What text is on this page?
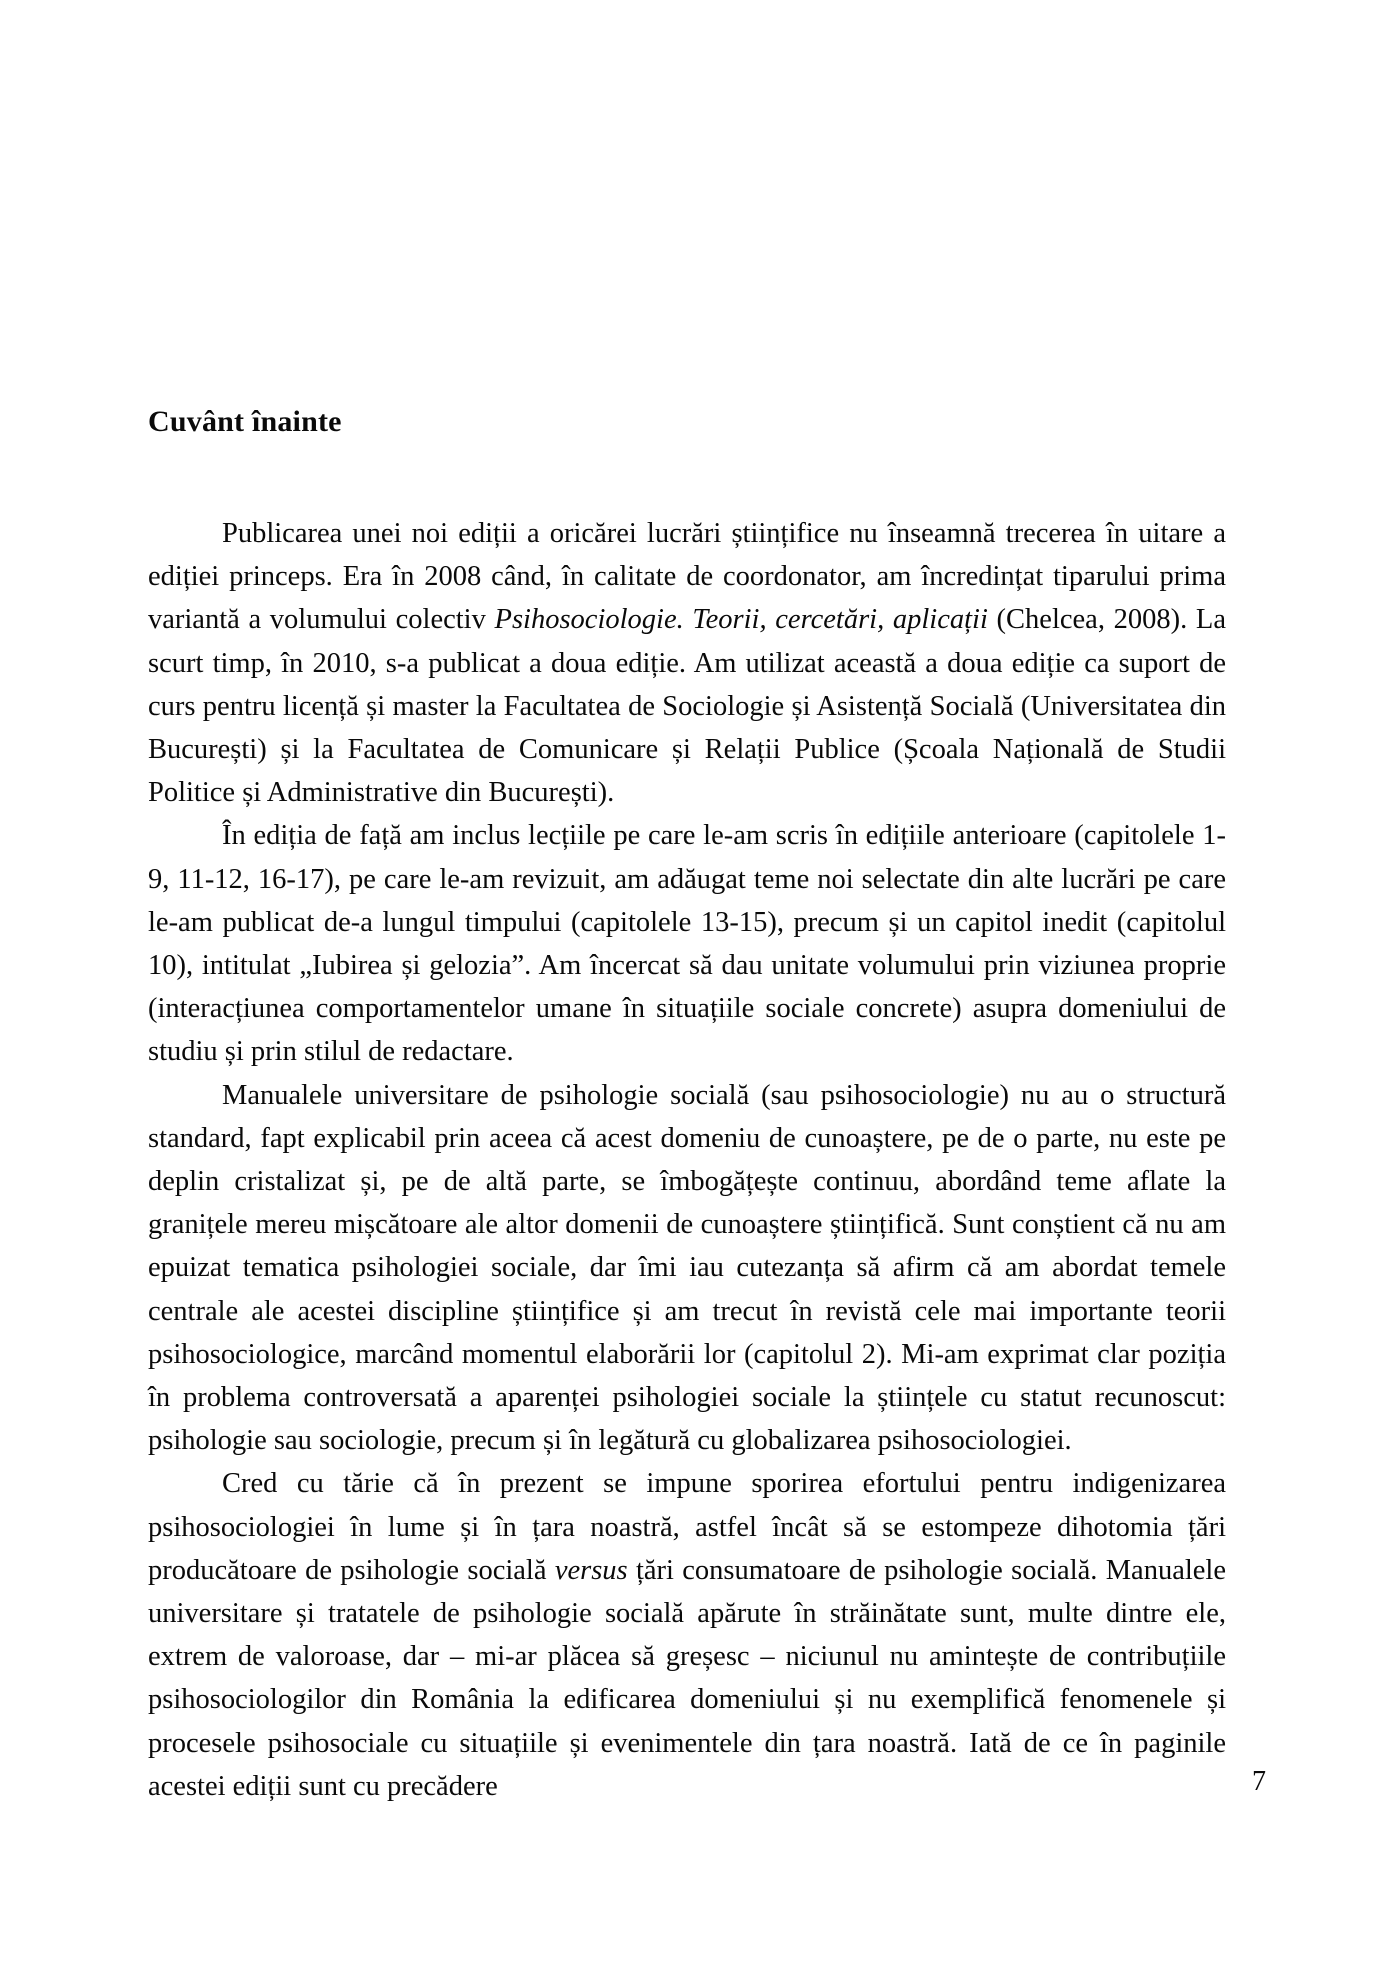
Cuvânt înainte

Publicarea unei noi ediții a oricărei lucrări științifice nu înseamnă trecerea în uitare a ediției princeps. Era în 2008 când, în calitate de coordonator, am încredințat tiparului prima variantă a volumului colectiv Psihosociologie. Teorii, cercetări, aplicații (Chelcea, 2008). La scurt timp, în 2010, s-a publicat a doua ediție. Am utilizat această a doua ediție ca suport de curs pentru licență și master la Facultatea de Sociologie și Asistență Socială (Universitatea din București) și la Facultatea de Comunicare și Relații Publice (Școala Națională de Studii Politice și Administrative din București).

În ediția de față am inclus lecțiile pe care le-am scris în edițiile anterioare (capitolele 1-9, 11-12, 16-17), pe care le-am revizuit, am adăugat teme noi selectate din alte lucrări pe care le-am publicat de-a lungul timpului (capitolele 13-15), precum și un capitol inedit (capitolul 10), intitulat „Iubirea și gelozia”. Am încercat să dau unitate volumului prin viziunea proprie (interacțiunea comportamentelor umane în situațiile sociale concrete) asupra domeniului de studiu și prin stilul de redactare.

Manualele universitare de psihologie socială (sau psihosociologie) nu au o structură standard, fapt explicabil prin aceea că acest domeniu de cunoaștere, pe de o parte, nu este pe deplin cristalizat și, pe de altă parte, se îmbogățește continuu, abordând teme aflate la granițele mereu mișcătoare ale altor domenii de cunoaștere științifică. Sunt conștient că nu am epuizat tematica psihologiei sociale, dar îmi iau cutezanța să afirm că am abordat temele centrale ale acestei discipline științifice și am trecut în revistă cele mai importante teorii psihosociologice, marcând momentul elaborării lor (capitolul 2). Mi-am exprimat clar poziția în problema controversată a aparenței psihologiei sociale la științele cu statut recunoscut: psihologie sau sociologie, precum și în legătură cu globalizarea psihosociologiei.

Cred cu tărie că în prezent se impune sporirea efortului pentru indigenizarea psihosociologiei în lume și în țara noastră, astfel încât să se estompeze dihotomia țări producătoare de psihologie socială versus țări consumatoare de psihologie socială. Manualele universitare și tratatele de psihologie socială apărute în străinătate sunt, multe dintre ele, extrem de valoroase, dar – mi-ar plăcea să greșesc – niciunul nu amintește de contribuțiile psihosociologilor din România la edificarea domeniului și nu exemplifică fenomenele și procesele psihosociale cu situațiile și evenimentele din țara noastră. Iată de ce în paginile acestei ediții sunt cu precădere	7
